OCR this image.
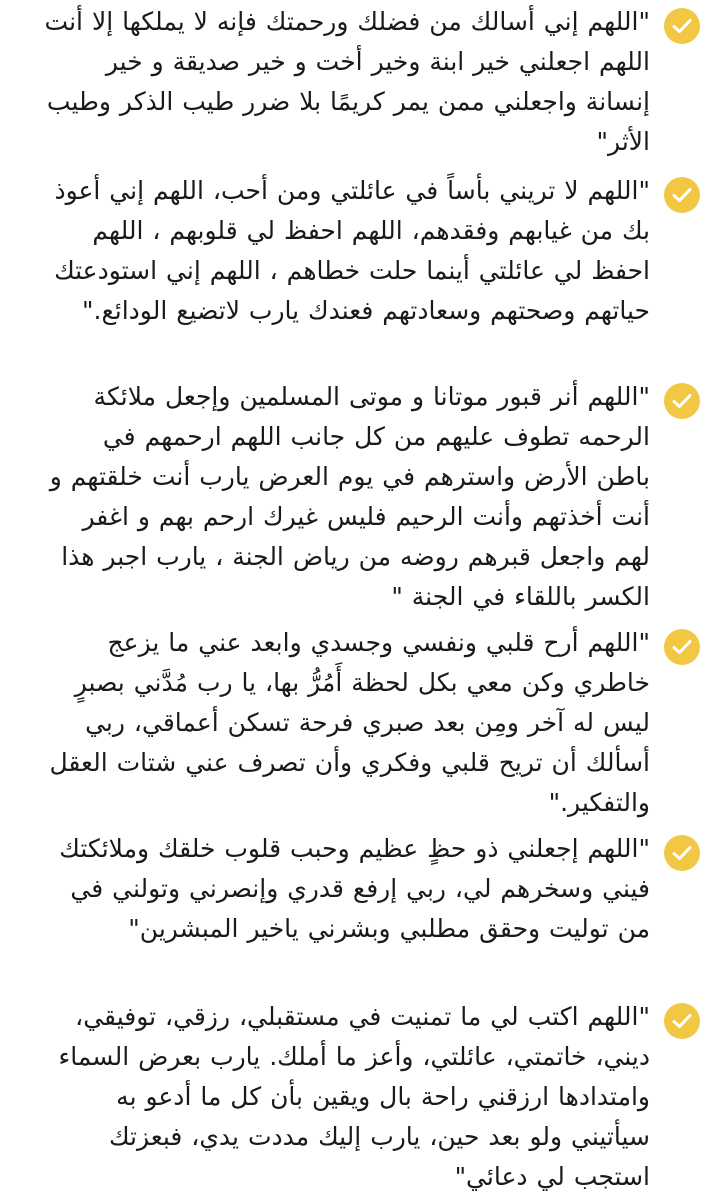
"اللهم إني أسالك من فضلك ورحمتك فإنه لا يملكها إلا أنت اللهم اجعلني خير ابنة وخير أخت و خير صديقة و خير إنسانة واجعلني ممن يمر كريمًا بلا ضرر طيب الذكر وطيب الأثر"

"اللهم لا تريني بأساً في عائلتي ومن أحب، اللهم إني أعوذ بك من غيابهم وفقدهم، اللهم احفظ لي قلوبهم ، اللهم احفظ لي عائلتي أينما حلت خطاهم ، اللهم إني استودعتك حياتهم وصحتهم وسعادتهم فعندك يارب لاتضيع الودائع."

"اللهم أنر قبور موتانا و موتى المسلمين وإجعل ملائكة الرحمه تطوف عليهم من كل جانب اللهم ارحمهم في باطن الأرض واسترهم في يوم العرض يارب أنت خلقتهم و أنت أخذتهم وأنت الرحيم فليس غيرك ارحم بهم و اغفر لهم واجعل قبرهم روضه من رياض الجنة ، يارب اجبر هذا الكسر باللقاء في الجنة "

"اللهم أرح قلبي ونفسي وجسدي وابعد عني ما يزعج خاطري وكن معي بكل لحظة أَمُرُّ بها، يا رب مُدَّني بصبرٍ ليس له آخر ومِن بعد صبري فرحة تسكن أعماقي، ربي أسألك أن تريح قلبي وفكري وأن تصرف عني شتات العقل والتفكير."

"اللهم إجعلني ذو حظٍ عظيم وحبب قلوب خلقك وملائكتك فيني وسخرهم لي، ربي إرفع قدري وإنصرني وتولني في من توليت وحقق مطلبي وبشرني ياخير المبشرين"

"اللهم اكتب لي ما تمنيت في مستقبلي، رزقي، توفيقي، ديني، خاتمتي، عائلتي، وأعز ما أملك. يارب بعرض السماء وامتدادها ارزقني راحة بال ويقين بأن كل ما أدعو به سيأتيني ولو بعد حين، يارب إليك مددت يدي، فبعزتك استجب لي دعائي"
